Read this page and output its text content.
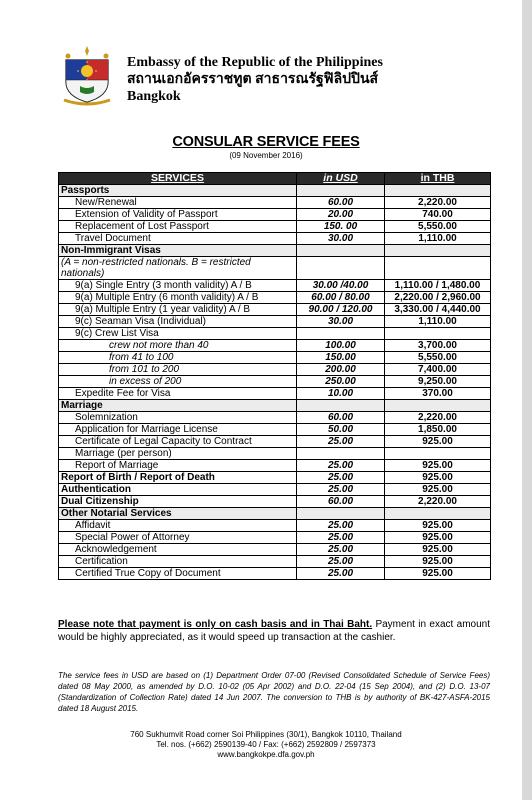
Embassy of the Republic of the Philippines
สถานเอกอัครราชทูต สาธารณรัฐฟิลิปปินส์
Bangkok
CONSULAR SERVICE FEES
(09 November 2016)
SERVICES	in USD	in THB
Passports		
New/Renewal	60.00	2,220.00
Extension of Validity of Passport	20.00	740.00
Replacement of Lost Passport	150. 00	5,550.00
Travel Document	30.00	1,110.00
Non-Immigrant Visas		
(A = non-restricted nationals. B = restricted nationals)		
9(a) Single Entry (3 month validity) A / B	30.00 /40.00	1,110.00 / 1,480.00
9(a) Multiple Entry (6 month validity) A / B	60.00 / 80.00	2,220.00 / 2,960.00
9(a) Multiple Entry (1 year validity) A / B	90.00 / 120.00	3,330.00 / 4,440.00
9(c) Seaman Visa (Individual)	30.00	1,110.00
9(c) Crew List Visa		
crew not more than 40	100.00	3,700.00
from 41 to 100	150.00	5,550.00
from 101 to 200	200.00	7,400.00
in excess of 200	250.00	9,250.00
Expedite Fee for Visa	10.00	370.00
Marriage		
Solemnization	60.00	2,220.00
Application for Marriage License	50.00	1,850.00
Certificate of Legal Capacity to Contract	25.00	925.00
Marriage (per person)		
Report of Marriage	25.00	925.00
Report of Birth / Report of Death	25.00	925.00
Authentication	25.00	925.00
Dual Citizenship	60.00	2,220.00
Other Notarial Services		
Affidavit	25.00	925.00
Special Power of Attorney	25.00	925.00
Acknowledgement	25.00	925.00
Certification	25.00	925.00
Certified True Copy of Document	25.00	925.00
Please note that payment is only on cash basis and in Thai Baht. Payment in exact amount would be highly appreciated, as it would speed up transaction at the cashier.
The service fees in USD are based on (1) Department Order 07-00 (Revised Consolidated Schedule of Service Fees) dated 08 May 2000, as amended by D.O. 10-02 (05 Apr 2002) and D.O. 22-04 (15 Sep 2004), and (2) D.O. 13-07 (Standardization of Collection Rate) dated 14 Jun 2007. The conversion to THB is by authority of BK-427-ASFA-2015 dated 18 August 2015.
760 Sukhumvit Road corner Soi Philippines (30/1), Bangkok 10110, Thailand
Tel. nos. (+662) 2590139-40 / Fax: (+662) 2592809 / 2597373
www.bangkokpe.dfa.gov.ph
